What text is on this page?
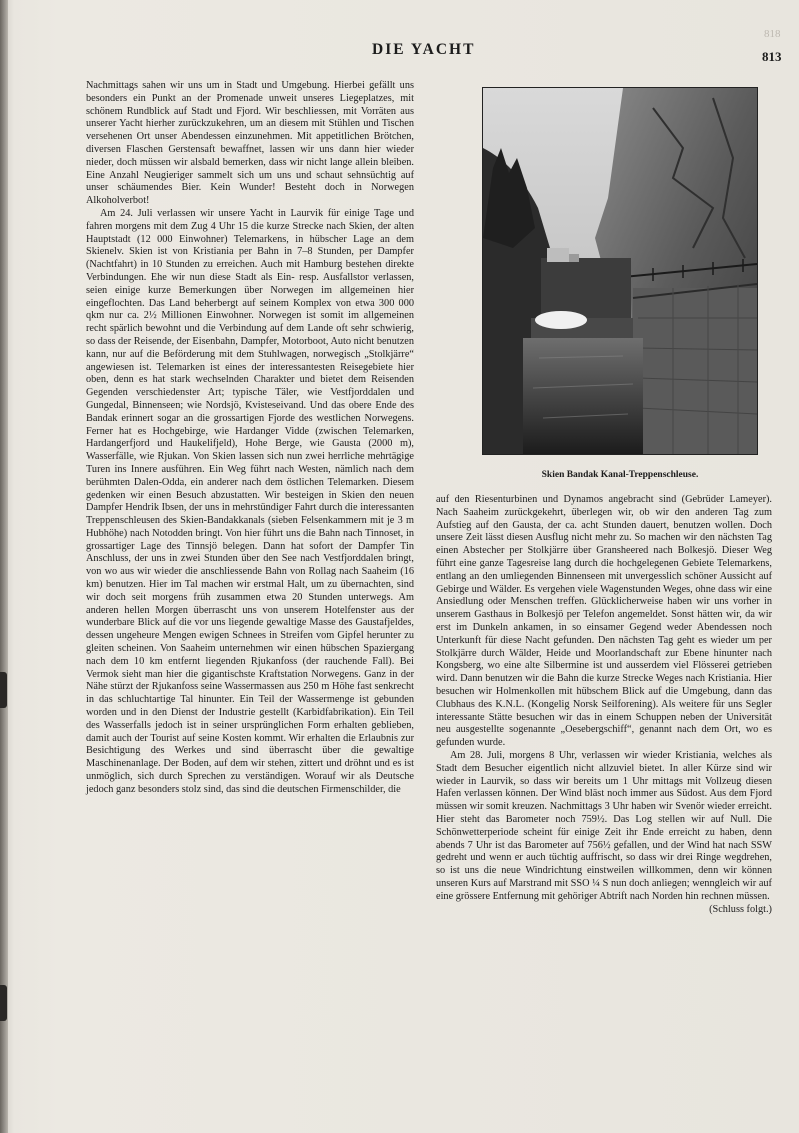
818
DIE YACHT	813

Nachmittags sahen wir uns um in Stadt und Umgebung. Hierbei gefällt uns besonders ein Punkt an der Promenade unweit unseres Liegeplatzes, mit schönem Rundblick auf Stadt und Fjord. Wir beschliessen, mit Vorräten aus unserer Yacht hierher zurückzukehren, um an diesem mit Stühlen und Tischen versehenen Ort unser Abendessen einzunehmen. Mit appetitlichen Brötchen, diversen Flaschen Gerstensaft bewaffnet, lassen wir uns dann hier wieder nieder, doch müssen wir alsbald bemerken, dass wir nicht lange allein bleiben. Eine Anzahl Neugieriger sammelt sich um uns und schaut sehnsüchtig auf unser schäumendes Bier. Kein Wunder! Besteht doch in Norwegen Alkoholverbot!

Am 24. Juli verlassen wir unsere Yacht in Laurvik für einige Tage und fahren morgens mit dem Zug 4 Uhr 15 die kurze Strecke nach Skien, der alten Hauptstadt (12 000 Einwohner) Telemarkens, in hübscher Lage an dem Skienelv. Skien ist von Kristiania per Bahn in 7–8 Stunden, per Dampfer (Nachtfahrt) in 10 Stunden zu erreichen. Auch mit Hamburg bestehen direkte Verbindungen. Ehe wir nun diese Stadt als Ein- resp. Ausfallstor verlassen, seien einige kurze Bemerkungen über Norwegen im allgemeinen hier eingeflochten. Das Land beherbergt auf seinem Komplex von etwa 300 000 qkm nur ca. 2½ Millionen Einwohner. Norwegen ist somit im allgemeinen recht spärlich bewohnt und die Verbindung auf dem Lande oft sehr schwierig, so dass der Reisende, der Eisenbahn, Dampfer, Motorboot, Auto nicht benutzen kann, nur auf die Beförderung mit dem Stuhlwagen, norwegisch „Stolkjärre“ angewiesen ist. Telemarken ist eines der interessantesten Reisegebiete hier oben, denn es hat stark wechselnden Charakter und bietet dem Reisenden Gegenden verschiedenster Art; typische Täler, wie Vestfjorddalen und Gungedal, Binnenseen; wie Nordsjö, Kvisteseivand. Und das obere Ende des Bandak erinnert sogar an die grossartigen Fjorde des westlichen Norwegens. Ferner hat es Hochgebirge, wie Hardanger Vidde (zwischen Telemarken, Hardangerfjord und Haukelifjeld), Hohe Berge, wie Gausta (2000 m), Wasserfälle, wie Rjukan. Von Skien lassen sich nun zwei herrliche mehrtägige Turen ins Innere ausführen. Ein Weg führt nach Westen, nämlich nach dem berühmten Dalen-Odda, ein anderer nach dem östlichen Telemarken. Diesem gedenken wir einen Besuch abzustatten. Wir besteigen in Skien den neuen Dampfer Hendrik Ibsen, der uns in mehrstündiger Fahrt durch die interessanten Treppenschleusen des Skien-Bandakkanals (sieben Felsenkammern mit je 3 m Hubhöhe) nach Notodden bringt. Von hier führt uns die Bahn nach Tinnoset, in grossartiger Lage des Tinnsjö belegen. Dann hat sofort der Dampfer Tin Anschluss, der uns in zwei Stunden über den See nach Vestfjorddalen bringt, von wo aus wir wieder die anschliessende Bahn von Rollag nach Saaheim (16 km) benutzen. Hier im Tal machen wir erstmal Halt, um zu übernachten, sind wir doch seit morgens früh zusammen etwa 20 Stunden unterwegs. Am anderen hellen Morgen überrascht uns von unserem Hotelfenster aus der wunderbare Blick auf die vor uns liegende gewaltige Masse des Gaustafjeldes, dessen ungeheure Mengen ewigen Schnees in Streifen vom Gipfel herunter zu gleiten scheinen. Von Saaheim unternehmen wir einen hübschen Spaziergang nach dem 10 km entfernt liegenden Rjukanfoss (der rauchende Fall). Bei Vermok sieht man hier die gigantischste Kraftstation Norwegens. Ganz in der Nähe stürzt der Rjukanfoss seine Wassermassen aus 250 m Höhe fast senkrecht in das schluchtartige Tal hinunter. Ein Teil der Wassermenge ist gebunden worden und in den Dienst der Industrie gestellt (Karbidfabrikation). Ein Teil des Wasserfalls jedoch ist in seiner ursprünglichen Form erhalten geblieben, damit auch der Tourist auf seine Kosten kommt. Wir erhalten die Erlaubnis zur Besichtigung des Werkes und sind überrascht über die gewaltige Maschinenanlage. Der Boden, auf dem wir stehen, zittert und dröhnt und es ist unmöglich, sich durch Sprechen zu verständigen. Worauf wir als Deutsche jedoch ganz besonders stolz sind, das sind die deutschen Firmenschilder, die

Skien Bandak Kanal-Treppenschleuse.

auf den Riesenturbinen und Dynamos angebracht sind (Gebrüder Lameyer). Nach Saaheim zurückgekehrt, überlegen wir, ob wir den anderen Tag zum Aufstieg auf den Gausta, der ca. acht Stunden dauert, benutzen wollen. Doch unsere Zeit lässt diesen Ausflug nicht mehr zu. So machen wir den nächsten Tag einen Abstecher per Stolkjärre über Gransheered nach Bolkesjö. Dieser Weg führt eine ganze Tagesreise lang durch die hochgelegenen Gebiete Telemarkens, entlang an den umliegenden Binnenseen mit unvergesslich schöner Aussicht auf Gebirge und Wälder. Es vergehen viele Wagenstunden Weges, ohne dass wir eine Ansiedlung oder Menschen treffen. Glücklicherweise haben wir uns vorher in unserem Gasthaus in Bolkesjö per Telefon angemeldet. Sonst hätten wir, da wir erst im Dunkeln ankamen, in so einsamer Gegend weder Abendessen noch Unterkunft für diese Nacht gefunden. Den nächsten Tag geht es wieder um per Stolkjärre durch Wälder, Heide und Moorlandschaft zur Ebene hinunter nach Kongsberg, wo eine alte Silbermine ist und ausserdem viel Flösserei getrieben wird. Dann benutzen wir die Bahn die kurze Strecke Weges nach Kristiania. Hier besuchen wir Holmenkollen mit hübschem Blick auf die Umgebung, dann das Clubhaus des K.N.L. (Kongelig Norsk Seilforening). Als weitere für uns Segler interessante Stätte besuchen wir das in einem Schuppen neben der Universität neu ausgestellte sogenannte „Oesebergschiff“, genannt nach dem Ort, wo es gefunden wurde.

Am 28. Juli, morgens 8 Uhr, verlassen wir wieder Kristiania, welches als Stadt dem Besucher eigentlich nicht allzuviel bietet. In aller Kürze sind wir wieder in Laurvik, so dass wir bereits um 1 Uhr mittags mit Vollzeug diesen Hafen verlassen können. Der Wind bläst noch immer aus Südost. Aus dem Fjord müssen wir somit kreuzen. Nachmittags 3 Uhr haben wir Svenör wieder erreicht. Hier steht das Barometer noch 759½. Das Log stellen wir auf Null. Die Schönwetterperiode scheint für einige Zeit ihr Ende erreicht zu haben, denn abends 7 Uhr ist das Barometer auf 756½ gefallen, und der Wind hat nach SSW gedreht und wenn er auch tüchtig auffrischt, so dass wir drei Ringe wegdrehen, so ist uns die neue Windrichtung einstweilen willkommen, denn wir können unseren Kurs auf Marstrand mit SSO ¼ S nun doch anliegen; wenngleich wir auf eine grössere Entfernung mit gehöriger Abtrift nach Norden hin rechnen müssen.

(Schluss folgt.)
